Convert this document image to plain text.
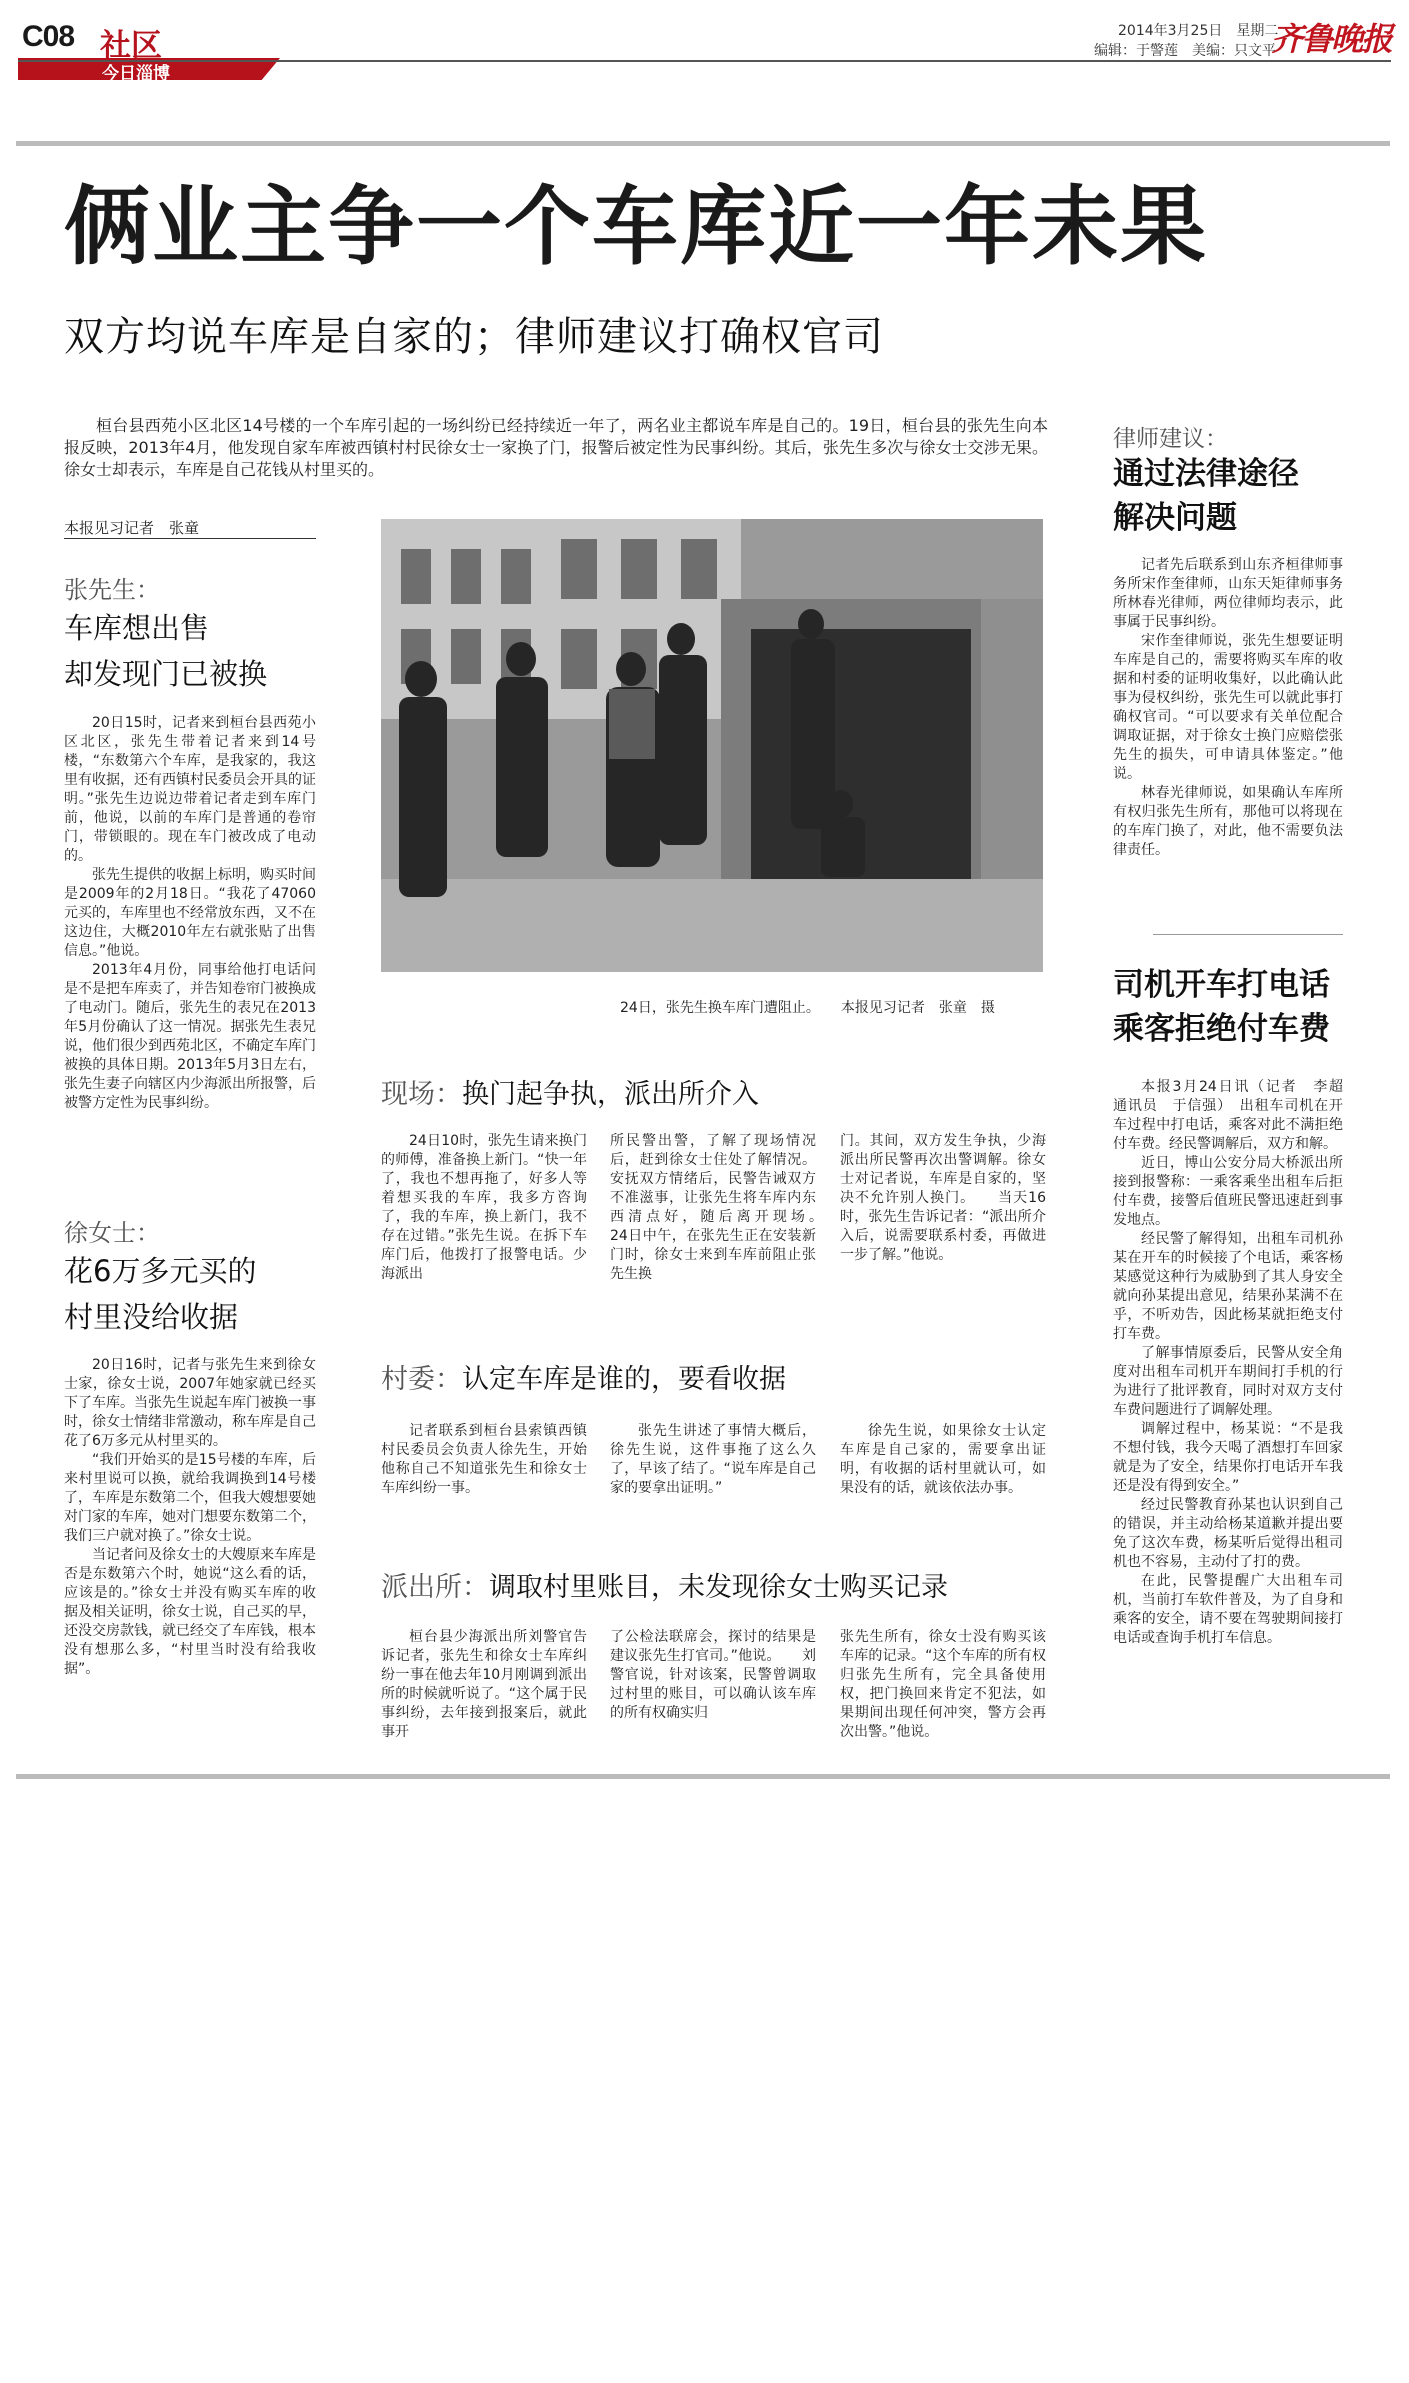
C08 社区
今日淄博
2014年3月25日　星期二
编辑：于警莲　美编：只文平
齐鲁晚报
俩业主争一个车库近一年未果
双方均说车库是自家的；律师建议打确权官司
桓台县西苑小区北区14号楼的一个车库引起的一场纠纷已经持续近一年了，两名业主都说车库是自己的。19日，桓台县的张先生向本报反映，2013年4月，他发现自家车库被西镇村村民徐女士一家换了门，报警后被定性为民事纠纷。其后，张先生多次与徐女士交涉无果。徐女士却表示，车库是自己花钱从村里买的。
本报见习记者　张童
张先生：
车库想出售
却发现门已被换

20日15时，记者来到桓台县西苑小区北区，张先生带着记者来到14号楼，“东数第六个车库，是我家的，我这里有收据，还有西镇村民委员会开具的证明。”张先生边说边带着记者走到车库门前，他说，以前的车库门是普通的卷帘门，带锁眼的。现在车门被改成了电动的。

张先生提供的收据上标明，购买时间是2009年的2月18日。“我花了47060元买的，车库里也不经常放东西，又不在这边住，大概2010年左右就张贴了出售信息。”他说。

2013年4月份，同事给他打电话问是不是把车库卖了，并告知卷帘门被换成了电动门。随后，张先生的表兄在2013年5月份确认了这一情况。据张先生表兄说，他们很少到西苑北区，不确定车库门被换的具体日期。2013年5月3日左右，张先生妻子向辖区内少海派出所报警，后被警方定性为民事纠纷。

徐女士：
花6万多元买的
村里没给收据

20日16时，记者与张先生来到徐女士家，徐女士说，2007年她家就已经买下了车库。当张先生说起车库门被换一事时，徐女士情绪非常激动，称车库是自己花了6万多元从村里买的。

“我们开始买的是15号楼的车库，后来村里说可以换，就给我调换到14号楼了，车库是东数第二个，但我大嫂想要她对门家的车库，她对门想要东数第二个，我们三户就对换了。”徐女士说。

当记者问及徐女士的大嫂原来车库是否是东数第六个时，她说“这么看的话，应该是的。”徐女士并没有购买车库的收据及相关证明，徐女士说，自己买的早，还没交房款钱，就已经交了车库钱，根本没有想那么多，“村里当时没有给我收据”。

24日，张先生换车库门遭阻止。　　本报见习记者　张童　摄
现场：换门起争执，派出所介入
24日10时，张先生请来换门的师傅，准备换上新门。“快一年了，我也不想再拖了，好多人等着想买我的车库，我多方咨询了，我的车库，换上新门，我不存在过错。”张先生说。在拆下车库门后，他拨打了报警电话。少海派出
所民警出警，了解了现场情况后，赶到徐女士住处了解情况。安抚双方情绪后，民警告诫双方不准滋事，让张先生将车库内东西清点好，随后离开现场。　　24日中午，在张先生正在安装新门时，徐女士来到车库前阻止张先生换
门。其间，双方发生争执，少海派出所民警再次出警调解。徐女士对记者说，车库是自家的，坚决不允许别人换门。　　当天16时，张先生告诉记者：“派出所介入后，说需要联系村委，再做进一步了解。”他说。
村委：认定车库是谁的，要看收据
记者联系到桓台县索镇西镇村民委员会负责人徐先生，开始他称自己不知道张先生和徐女士车库纠纷一事。
张先生讲述了事情大概后，徐先生说，这件事拖了这么久了，早该了结了。“说车库是自己家的要拿出证明。”
徐先生说，如果徐女士认定车库是自己家的，需要拿出证明，有收据的话村里就认可，如果没有的话，就该依法办事。
派出所：调取村里账目，未发现徐女士购买记录
桓台县少海派出所刘警官告诉记者，张先生和徐女士车库纠纷一事在他去年10月刚调到派出所的时候就听说了。“这个属于民事纠纷，去年接到报案后，就此事开
了公检法联席会，探讨的结果是建议张先生打官司。”他说。　　刘警官说，针对该案，民警曾调取过村里的账目，可以确认该车库的所有权确实归
张先生所有，徐女士没有购买该车库的记录。“这个车库的所有权归张先生所有，完全具备使用权，把门换回来肯定不犯法，如果期间出现任何冲突，警方会再次出警。”他说。
律师建议：
通过法律途径
解决问题

记者先后联系到山东齐桓律师事务所宋作奎律师，山东天矩律师事务所林春光律师，两位律师均表示，此事属于民事纠纷。

宋作奎律师说，张先生想要证明车库是自己的，需要将购买车库的收据和村委的证明收集好，以此确认此事为侵权纠纷，张先生可以就此事打确权官司。“可以要求有关单位配合调取证据，对于徐女士换门应赔偿张先生的损失，可申请具体鉴定。”他说。

林春光律师说，如果确认车库所有权归张先生所有，那他可以将现在的车库门换了，对此，他不需要负法律责任。

司机开车打电话
乘客拒绝付车费

本报3月24日讯（记者　李超　通讯员　于信强）　出租车司机在开车过程中打电话，乘客对此不满拒绝付车费。经民警调解后，双方和解。

近日，博山公安分局大桥派出所接到报警称：一乘客乘坐出租车后拒付车费，接警后值班民警迅速赶到事发地点。

经民警了解得知，出租车司机孙某在开车的时候接了个电话，乘客杨某感觉这种行为威胁到了其人身安全就向孙某提出意见，结果孙某满不在乎，不听劝告，因此杨某就拒绝支付打车费。

了解事情原委后，民警从安全角度对出租车司机开车期间打手机的行为进行了批评教育，同时对双方支付车费问题进行了调解处理。

调解过程中，杨某说：“不是我不想付钱，我今天喝了酒想打车回家就是为了安全，结果你打电话开车我还是没有得到安全。”

经过民警教育孙某也认识到自己的错误，并主动给杨某道歉并提出要免了这次车费，杨某听后觉得出租司机也不容易，主动付了打的费。

在此，民警提醒广大出租车司机，当前打车软件普及，为了自身和乘客的安全，请不要在驾驶期间接打电话或查询手机打车信息。
